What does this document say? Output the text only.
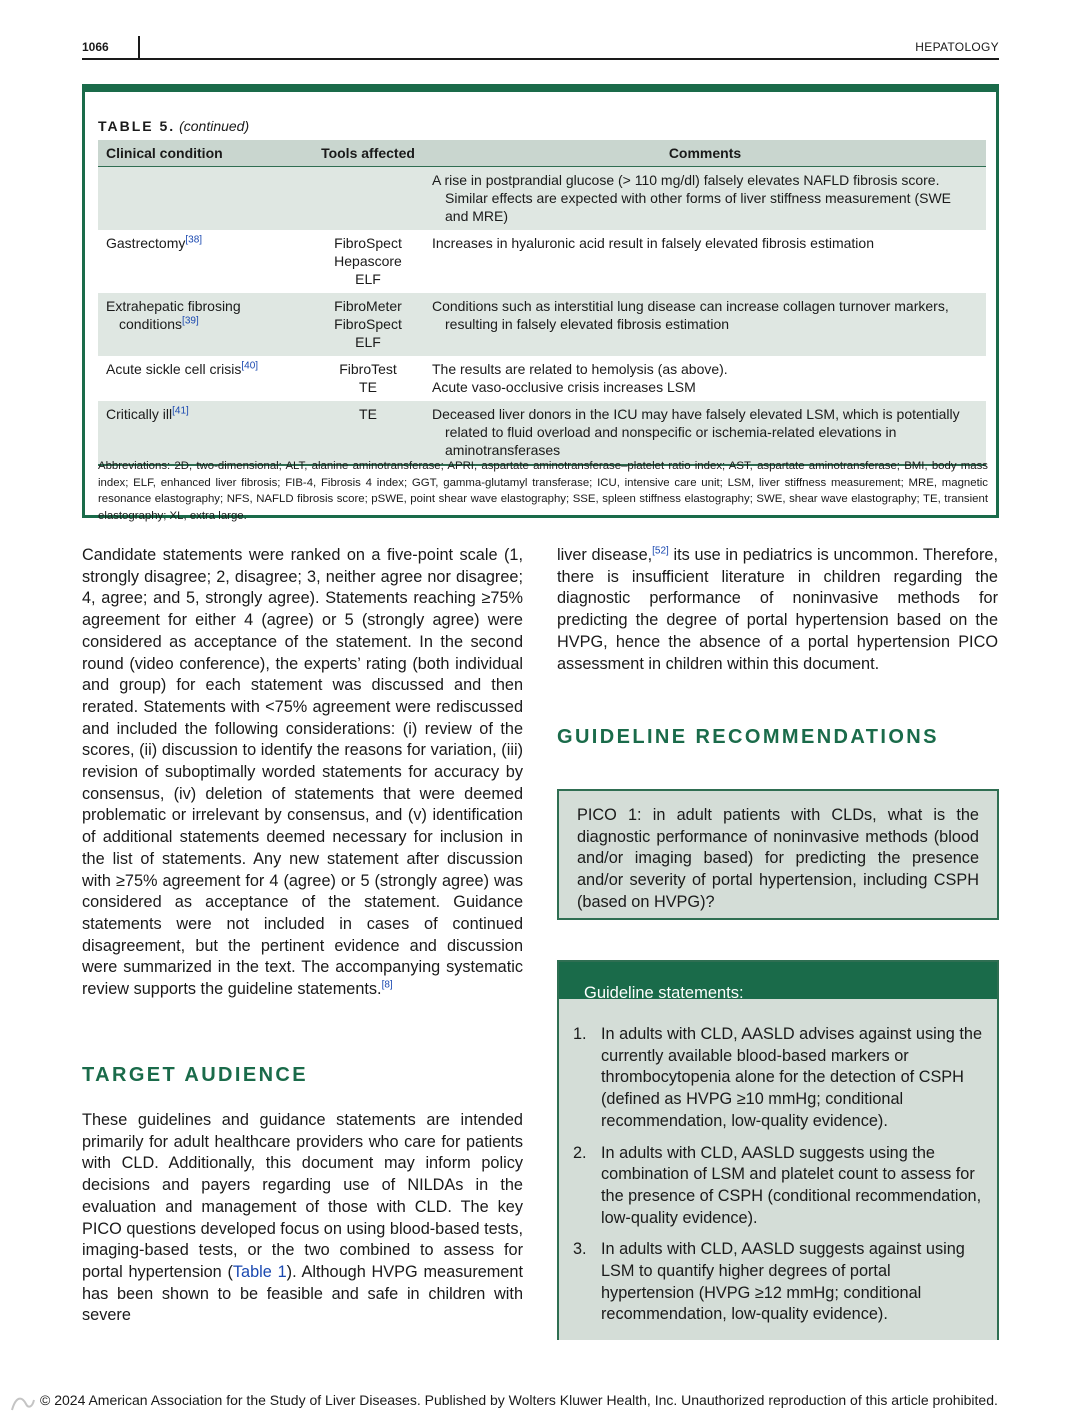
1066	HEPATOLOGY
TABLE 5. (continued)
Clinical condition	Tools affected	Comments

		A rise in postprandial glucose (> 110 mg/dl) falsely elevates NAFLD fibrosis score. Similar effects are expected with other forms of liver stiffness measurement (SWE and MRE)

Gastrectomy[38]	FibroSpect
Hepascore
ELF	Increases in hyaluronic acid result in falsely elevated fibrosis estimation

Extrahepatic fibrosing conditions[39]	FibroMeter
FibroSpect
ELF	Conditions such as interstitial lung disease can increase collagen turnover markers, resulting in falsely elevated fibrosis estimation

Acute sickle cell crisis[40]	FibroTest
TE	The results are related to hemolysis (as above).
Acute vaso-occlusive crisis increases LSM

Critically ill[41]	TE	Deceased liver donors in the ICU may have falsely elevated LSM, which is potentially related to fluid overload and nonspecific or ischemia-related elevations in aminotransferases

Abbreviations: 2D, two-dimensional; ALT, alanine aminotransferase; APRI, aspartate aminotransferase–platelet ratio index; AST, aspartate aminotransferase; BMI, body mass index; ELF, enhanced liver fibrosis; FIB-4, Fibrosis 4 index; GGT, gamma-glutamyl transferase; ICU, intensive care unit; LSM, liver stiffness measurement; MRE, magnetic resonance elastography; NFS, NAFLD fibrosis score; pSWE, point shear wave elastography; SSE, spleen stiffness elastography; SWE, shear wave elastography; TE, transient elastography; XL, extra large.

Candidate statements were ranked on a five-point scale (1, strongly disagree; 2, disagree; 3, neither agree nor disagree; 4, agree; and 5, strongly agree). Statements reaching ≥75% agreement for either 4 (agree) or 5 (strongly agree) were considered as acceptance of the statement. In the second round (video conference), the experts’ rating (both individual and group) for each statement was discussed and then rerated. Statements with <75% agreement were rediscussed and included the following considerations: (i) review of the scores, (ii) discussion to identify the reasons for variation, (iii) revision of suboptimally worded statements for accuracy by consensus, (iv) deletion of statements that were deemed problematic or irrelevant by consensus, and (v) identification of additional statements deemed necessary for inclusion in the list of statements. Any new statement after discussion with ≥75% agreement for 4 (agree) or 5 (strongly agree) was considered as acceptance of the statement. Guidance statements were not included in cases of continued disagreement, but the pertinent evidence and discussion were summarized in the text. The accompanying systematic review supports the guideline statements.[8]

TARGET AUDIENCE

These guidelines and guidance statements are intended primarily for adult healthcare providers who care for patients with CLD. Additionally, this document may inform policy decisions and payers regarding use of NILDAs in the evaluation and management of those with CLD. The key PICO questions developed focus on using blood-based tests, imaging-based tests, or the two combined to assess for portal hypertension (Table 1). Although HVPG measurement has been shown to be feasible and safe in children with severe

liver disease,[52] its use in pediatrics is uncommon. Therefore, there is insufficient literature in children regarding the diagnostic performance of noninvasive methods for predicting the degree of portal hypertension based on the HVPG, hence the absence of a portal hypertension PICO assessment in children within this document.

GUIDELINE RECOMMENDATIONS

PICO 1: in adult patients with CLDs, what is the diagnostic performance of noninvasive methods (blood and/or imaging based) for predicting the presence and/or severity of portal hypertension, including CSPH (based on HVPG)?

Guideline statements:
1. In adults with CLD, AASLD advises against using the currently available blood-based markers or thrombocytopenia alone for the detection of CSPH (defined as HVPG ≥10 mmHg; conditional recommendation, low-quality evidence).
2. In adults with CLD, AASLD suggests using the combination of LSM and platelet count to assess for the presence of CSPH (conditional recommendation, low-quality evidence).
3. In adults with CLD, AASLD suggests against using LSM to quantify higher degrees of portal hypertension (HVPG ≥12 mmHg; conditional recommendation, low-quality evidence).
© 2024 American Association for the Study of Liver Diseases. Published by Wolters Kluwer Health, Inc. Unauthorized reproduction of this article prohibited.
